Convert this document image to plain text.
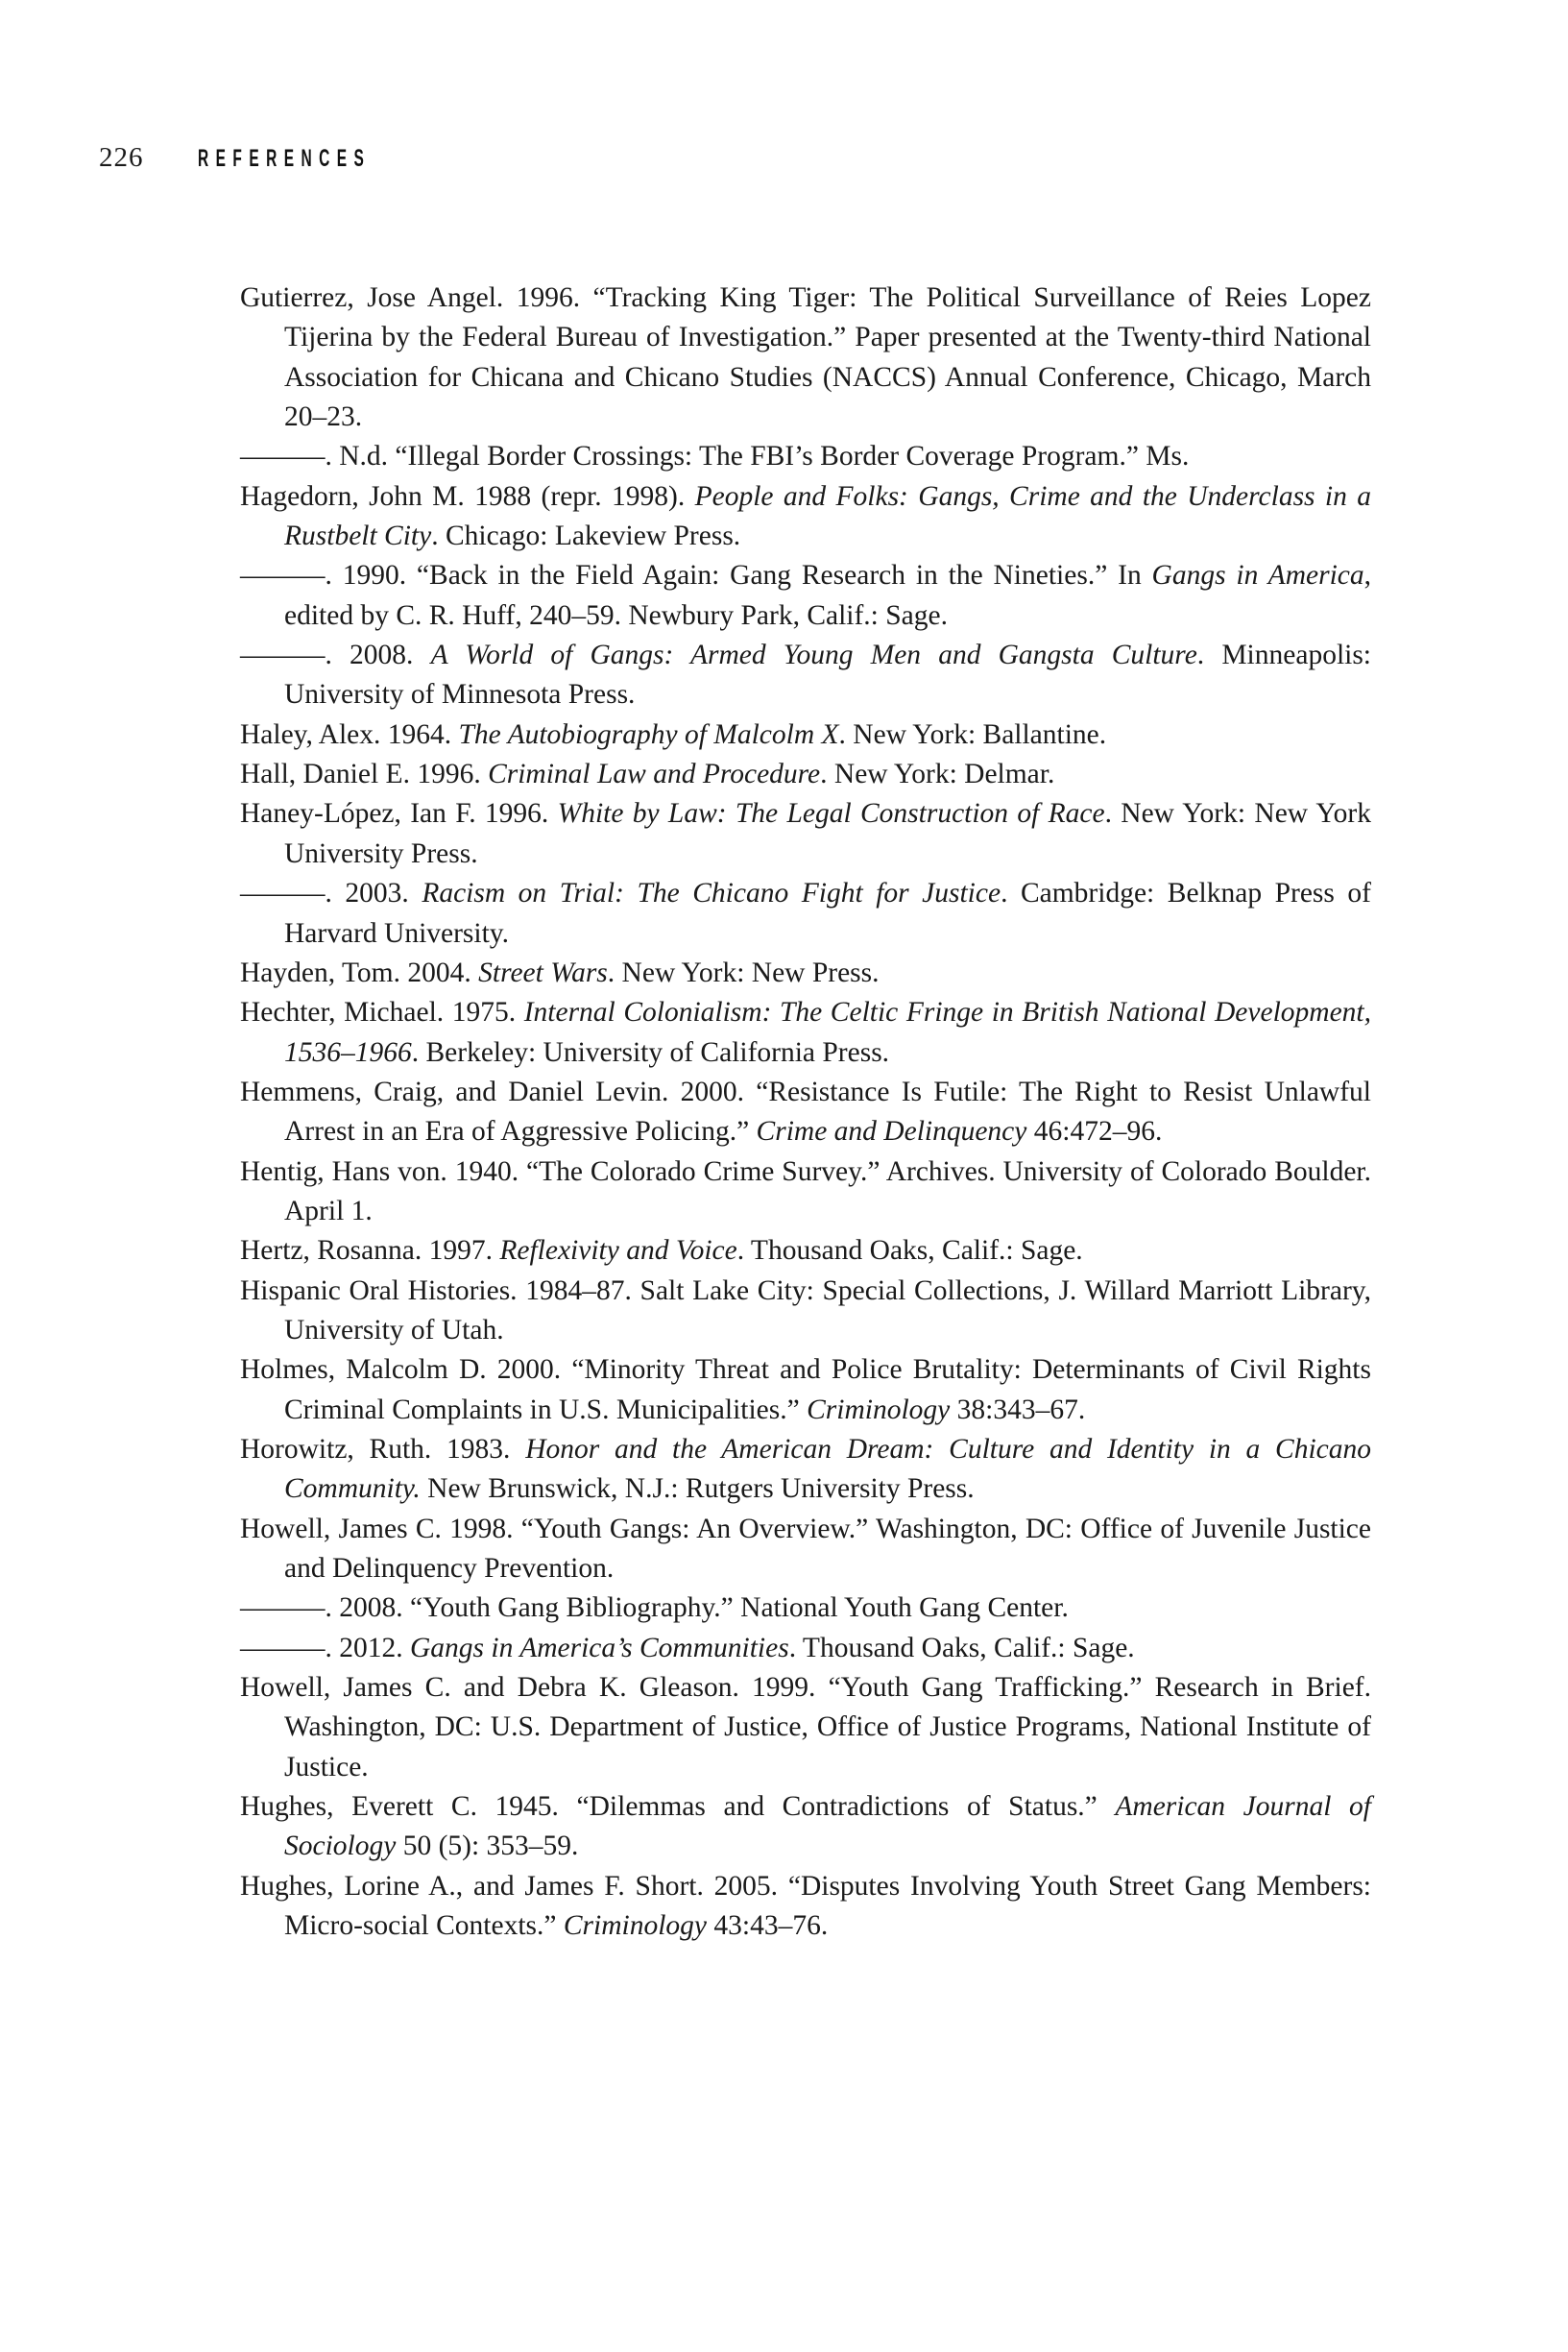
226 REFERENCES
Gutierrez, Jose Angel. 1996. “Tracking King Tiger: The Political Surveillance of Reies Lopez Tijerina by the Federal Bureau of Investigation.” Paper presented at the Twenty-third National Association for Chicana and Chicano Studies (NACCS) Annual Conference, Chicago, March 20–23.
———. N.d. “Illegal Border Crossings: The FBI’s Border Coverage Program.” Ms.
Hagedorn, John M. 1988 (repr. 1998). People and Folks: Gangs, Crime and the Underclass in a Rustbelt City. Chicago: Lakeview Press.
———. 1990. “Back in the Field Again: Gang Research in the Nineties.” In Gangs in America, edited by C. R. Huff, 240–59. Newbury Park, Calif.: Sage.
———. 2008. A World of Gangs: Armed Young Men and Gangsta Culture. Minneapolis: University of Minnesota Press.
Haley, Alex. 1964. The Autobiography of Malcolm X. New York: Ballantine.
Hall, Daniel E. 1996. Criminal Law and Procedure. New York: Delmar.
Haney-López, Ian F. 1996. White by Law: The Legal Construction of Race. New York: New York University Press.
———. 2003. Racism on Trial: The Chicano Fight for Justice. Cambridge: Belknap Press of Harvard University.
Hayden, Tom. 2004. Street Wars. New York: New Press.
Hechter, Michael. 1975. Internal Colonialism: The Celtic Fringe in British National Development, 1536–1966. Berkeley: University of California Press.
Hemmens, Craig, and Daniel Levin. 2000. “Resistance Is Futile: The Right to Resist Unlawful Arrest in an Era of Aggressive Policing.” Crime and Delinquency 46:472–96.
Hentig, Hans von. 1940. “The Colorado Crime Survey.” Archives. University of Colorado Boulder. April 1.
Hertz, Rosanna. 1997. Reflexivity and Voice. Thousand Oaks, Calif.: Sage.
Hispanic Oral Histories. 1984–87. Salt Lake City: Special Collections, J. Willard Marriott Library, University of Utah.
Holmes, Malcolm D. 2000. “Minority Threat and Police Brutality: Determinants of Civil Rights Criminal Complaints in U.S. Municipalities.” Criminology 38:343–67.
Horowitz, Ruth. 1983. Honor and the American Dream: Culture and Identity in a Chicano Community. New Brunswick, N.J.: Rutgers University Press.
Howell, James C. 1998. “Youth Gangs: An Overview.” Washington, DC: Office of Juvenile Justice and Delinquency Prevention.
———. 2008. “Youth Gang Bibliography.” National Youth Gang Center.
———. 2012. Gangs in America’s Communities. Thousand Oaks, Calif.: Sage.
Howell, James C. and Debra K. Gleason. 1999. “Youth Gang Trafficking.” Research in Brief. Washington, DC: U.S. Department of Justice, Office of Justice Programs, National Institute of Justice.
Hughes, Everett C. 1945. “Dilemmas and Contradictions of Status.” American Journal of Sociology 50 (5): 353–59.
Hughes, Lorine A., and James F. Short. 2005. “Disputes Involving Youth Street Gang Members: Micro-social Contexts.” Criminology 43:43–76.
